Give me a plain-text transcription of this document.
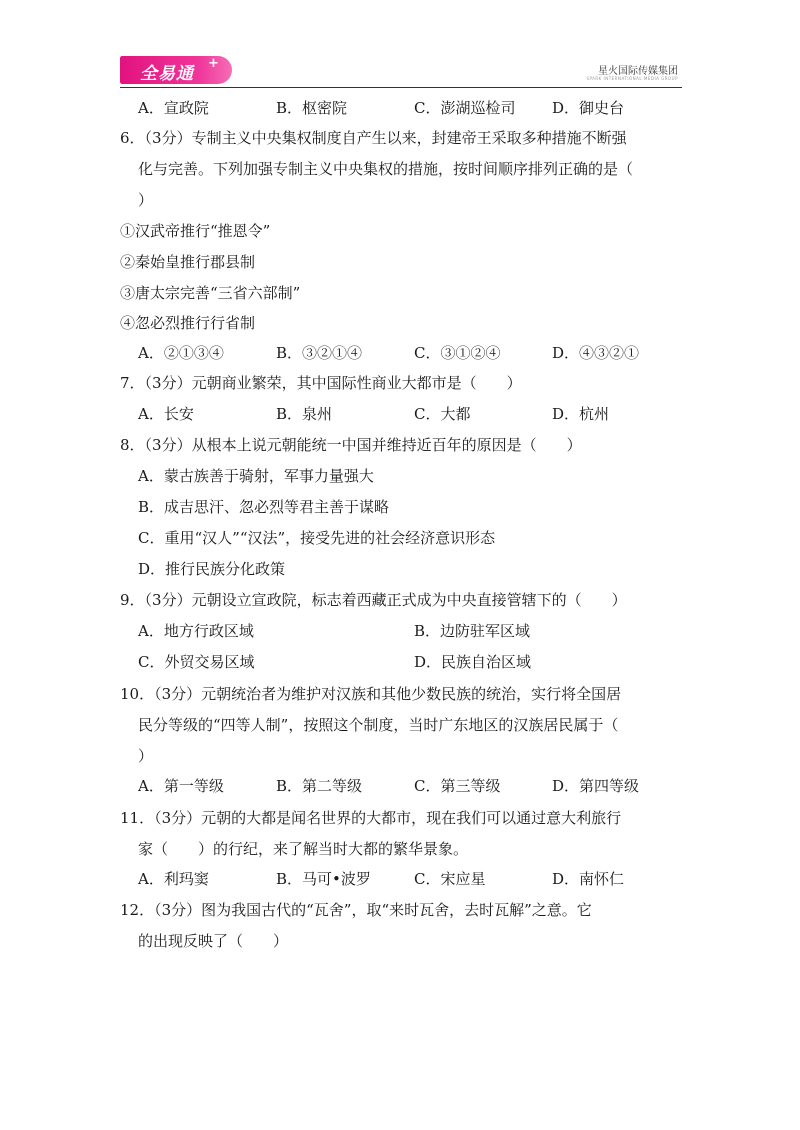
全易通
+
星火国际传媒集团
SPARK INTERNATIONAL MEDIA GROUP
A．宣政院	B．枢密院	C．澎湖巡检司 D．御史台
6．（3分）专制主义中央集权制度自产生以来，封建帝王采取多种措施不断强
化与完善。下列加强专制主义中央集权的措施，按时间顺序排列正确的是（
）
①汉武帝推行“推恩令”
②秦始皇推行郡县制
③唐太宗完善“三省六部制”
④忽必烈推行行省制
A．②①③④	B．③②①④	C．③①②④	D．④③②①
7．（3分）元朝商业繁荣，其中国际性商业大都市是（　　）
A．长安	B．泉州	C．大都	D．杭州
8．（3分）从根本上说元朝能统一中国并维持近百年的原因是（　　）
A．蒙古族善于骑射，军事力量强大
B．成吉思汗、忽必烈等君主善于谋略
C．重用“汉人”“汉法”，接受先进的社会经济意识形态
D．推行民族分化政策
9．（3分）元朝设立宣政院，标志着西藏正式成为中央直接管辖下的（　　）
A．地方行政区域	B．边防驻军区域
C．外贸交易区域	D．民族自治区域
10．（3分）元朝统治者为维护对汉族和其他少数民族的统治，实行将全国居
民分等级的“四等人制”，按照这个制度，当时广东地区的汉族居民属于（
）
A．第一等级	B．第二等级	C．第三等级	D．第四等级
11．（3分）元朝的大都是闻名世界的大都市，现在我们可以通过意大利旅行
家（　　）的行纪，来了解当时大都的繁华景象。
A．利玛窦	B．马可•波罗	C．宋应星	D．南怀仁
12．（3分）图为我国古代的“瓦舍”，取“来时瓦舍，去时瓦解”之意。它
的出现反映了（　　）
